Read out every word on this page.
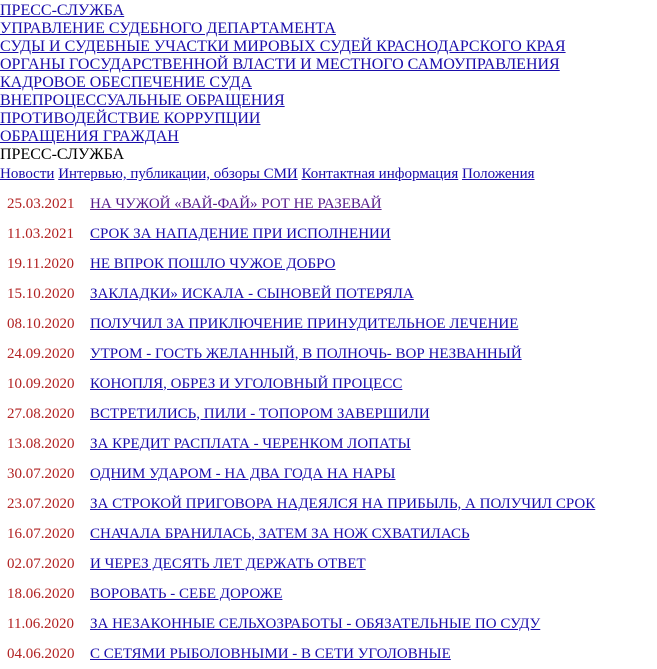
ПРЕСС-СЛУЖБА
УПРАВЛЕНИЕ СУДЕБНОГО ДЕПАРТАМЕНТА
СУДЫ И СУДЕБНЫЕ УЧАСТКИ МИРОВЫХ СУДЕЙ КРАСНОДАРСКОГО КРАЯ
ОРГАНЫ ГОСУДАРСТВЕННОЙ ВЛАСТИ И МЕСТНОГО САМОУПРАВЛЕНИЯ
КАДРОВОЕ ОБЕСПЕЧЕНИЕ СУДА
ВНЕПРОЦЕССУАЛЬНЫЕ ОБРАЩЕНИЯ
ПРОТИВОДЕЙСТВИЕ КОРРУПЦИИ
ОБРАЩЕНИЯ ГРАЖДАН
ПРЕСС-СЛУЖБА
Новости Интервью, публикации, обзоры СМИ Контактная информация Положения
25.03.2021	НА ЧУЖОЙ «ВАЙ-ФАЙ» РОТ НЕ РАЗЕВАЙ
11.03.2021	СРОК ЗА НАПАДЕНИЕ ПРИ ИСПОЛНЕНИИ
19.11.2020	НЕ ВПРОК ПОШЛО ЧУЖОЕ ДОБРО
15.10.2020	ЗАКЛАДКИ» ИСКАЛА - СЫНОВЕЙ ПОТЕРЯЛА
08.10.2020	ПОЛУЧИЛ ЗА ПРИКЛЮЧЕНИЕ ПРИНУДИТЕЛЬНОЕ ЛЕЧЕНИЕ
24.09.2020	УТРОМ - ГОСТЬ ЖЕЛАННЫЙ, В ПОЛНОЧЬ- ВОР НЕЗВАННЫЙ
10.09.2020	КОНОПЛЯ, ОБРЕЗ И УГОЛОВНЫЙ ПРОЦЕСС
27.08.2020	ВСТРЕТИЛИСЬ, ПИЛИ - ТОПОРОМ ЗАВЕРШИЛИ
13.08.2020	ЗА КРЕДИТ РАСПЛАТА - ЧЕРЕНКОМ ЛОПАТЫ
30.07.2020	ОДНИМ УДАРОМ - НА ДВА ГОДА НА НАРЫ
23.07.2020	ЗА СТРОКОЙ ПРИГОВОРА НАДЕЯЛСЯ НА ПРИБЫЛЬ, А ПОЛУЧИЛ СРОК
16.07.2020	СНАЧАЛА БРАНИЛАСЬ, ЗАТЕМ ЗА НОЖ СХВАТИЛАСЬ
02.07.2020	И ЧЕРЕЗ ДЕСЯТЬ ЛЕТ ДЕРЖАТЬ ОТВЕТ
18.06.2020	ВОРОВАТЬ - СЕБЕ ДОРОЖЕ
11.06.2020	ЗА НЕЗАКОННЫЕ СЕЛЬХОЗРАБОТЫ - ОБЯЗАТЕЛЬНЫЕ ПО СУДУ
04.06.2020	С СЕТЯМИ РЫБОЛОВНЫМИ - В СЕТИ УГОЛОВНЫЕ
